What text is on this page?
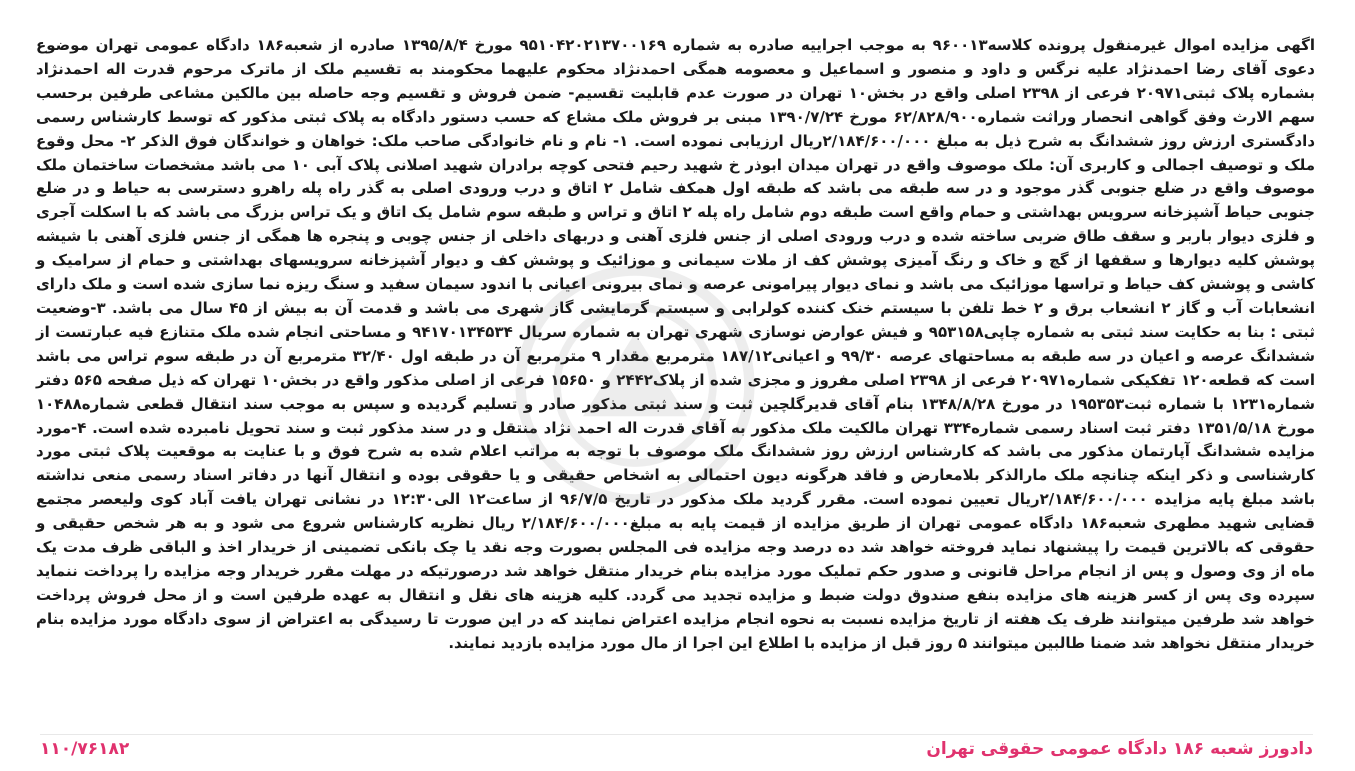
اگهی مزایده اموال غیرمنقول پرونده کلاسه۹۶۰۰۱۳ به موجب اجراییه صادره به شماره ۹۵۱۰۴۲۰۲۱۳۷۰۰۱۶۹ مورخ ۱۳۹۵/۸/۴ صادره از شعبه۱۸۶ دادگاه عمومی تهران موضوع دعوی آقای رضا احمدنژاد علیه نرگس و داود و منصور و اسماعیل و معصومه همگی احمدنژاد محکوم علیهما محکومند به تقسیم ملک از ماترک مرحوم قدرت اله احمدنژاد بشماره پلاک ثبتی۲۰۹۷۱ فرعی از ۲۳۹۸ اصلی واقع در بخش۱۰ تهران در صورت عدم قابلیت تقسیم- ضمن فروش و تقسیم وجه حاصله بین مالکین مشاعی طرفین برحسب سهم الارث وفق گواهی انحصار وراثت شماره۶۲/۸۲۸/۹۰۰ مورخ ۱۳۹۰/۷/۲۴ مبنی بر فروش ملک مشاع که حسب دستور دادگاه به پلاک ثبتی مذکور که توسط کارشناس رسمی دادگستری ارزش روز ششدانگ به شرح ذیل به مبلغ ۲/۱۸۴/۶۰۰/۰۰۰ریال ارزیابی نموده است. ۱- نام و نام خانوادگی صاحب ملک: خواهان و خواندگان فوق الذکر ۲- محل وقوع ملک و توصیف اجمالی و کاربری آن: ملک موصوف واقع در تهران میدان ابوذر خ شهید رحیم فتحی کوچه برادران شهید اصلانی پلاک آبی ۱۰ می باشد مشخصات ساختمان ملک موصوف واقع در ضلع جنوبی گذر موجود و در سه طبقه می باشد که طبقه اول همکف شامل ۲ اتاق و درب ورودی اصلی به گذر راه پله راهرو دسترسی به حیاط و در ضلع جنوبی حیاط آشپزخانه سرویس بهداشتی و حمام واقع است طبقه دوم شامل راه پله ۲ اتاق و تراس و طبقه سوم شامل یک اتاق و یک تراس بزرگ می باشد که با اسکلت آجری و فلزی دیوار باربر و سقف طاق ضربی ساخته شده و درب ورودی اصلی از جنس فلزی آهنی و دربهای داخلی از جنس چوبی و پنجره ها همگی از جنس فلزی آهنی با شیشه پوشش کلیه دیوارها و سقفها از گچ و خاک و رنگ آمیزی پوشش کف از ملات سیمانی و موزائیک و پوشش کف و دیوار آشپزخانه سرویسهای بهداشتی و حمام از سرامیک و کاشی و پوشش کف حیاط و تراسها موزائیک می باشد و نمای دیوار پیرامونی عرصه و نمای بیرونی اعیانی با اندود سیمان سفید و سنگ ریزه نما سازی شده است و ملک دارای انشعابات آب و گاز ۲ انشعاب برق و ۲ خط تلفن با سیستم خنک کننده کولرابی و سیستم گرمایشی گاز شهری می باشد و قدمت آن به بیش از ۴۵ سال می باشد. ۳-وضعیت ثبتی : بنا به حکایت سند ثبتی به شماره چاپی۹۵۳۱۵۸ و فیش عوارض نوسازی شهری تهران به شماره سریال ۹۴۱۷۰۱۳۴۵۳۴ و مساحتی انجام شده ملک متنازع فیه عبارتست از ششدانگ عرصه و اعیان در سه طبقه به مساحتهای عرصه ۹۹/۳۰ و اعیانی۱۸۷/۱۲ مترمربع مقدار ۹ مترمربع آن در طبقه اول ۳۲/۴۰ مترمربع آن در طبقه سوم تراس می باشد است که قطعه۱۲۰ تفکیکی شماره۲۰۹۷۱ فرعی از ۲۳۹۸ اصلی مفروز و مجزی شده از پلاک۲۴۴۲ و ۱۵۶۵۰ فرعی از اصلی مذکور واقع در بخش۱۰ تهران که ذیل صفحه ۵۶۵ دفتر شماره۱۲۳۱ با شماره ثبت۱۹۵۳۵۳ در مورخ ۱۳۴۸/۸/۲۸ بنام آقای قدیرگلچین ثبت و سند ثبتی مذکور صادر و تسلیم گردیده و سپس به موجب سند انتقال قطعی شماره۱۰۴۸۸ مورخ ۱۳۵۱/۵/۱۸ دفتر ثبت اسناد رسمی شماره۳۳۴ تهران مالکیت ملک مذکور به آقای قدرت اله احمد نژاد منتقل و در سند مذکور ثبت و سند تحویل نامبرده شده است. ۴-مورد مزایده ششدانگ آپارتمان مذکور می باشد که کارشناس ارزش روز ششدانگ ملک موصوف با توجه به مراتب اعلام شده به شرح فوق و با عنایت به موقعیت پلاک ثبتی مورد کارشناسی و ذکر اینکه چنانچه ملک مارالذکر بلامعارض و فاقد هرگونه دیون احتمالی به اشخاص حقیقی و یا حقوقی بوده و انتقال آنها در دفاتر اسناد رسمی منعی نداشته باشد مبلغ پایه مزایده ۲/۱۸۴/۶۰۰/۰۰۰ریال تعیین نموده است. مقرر گردید ملک مذکور در تاریخ ۹۶/۷/۵ از ساعت۱۲ الی۱۲:۳۰ در نشانی تهران یافت آباد کوی ولیعصر مجتمع قضایی شهید مطهری شعبه۱۸۶ دادگاه عمومی تهران از طریق مزایده از قیمت پایه به مبلغ۲/۱۸۴/۶۰۰/۰۰۰ ریال نظریه کارشناس شروع می شود و به هر شخص حقیقی و حقوقی که بالاترین قیمت را پیشنهاد نماید فروخته خواهد شد ده درصد وجه مزایده فی المجلس بصورت وجه نقد یا چک بانکی تضمینی از خریدار اخذ و الباقی ظرف مدت یک ماه از وی وصول و پس از انجام مراحل قانونی و صدور حکم تملیک مورد مزایده بنام خریدار منتقل خواهد شد درصورتیکه در مهلت مقرر خریدار وجه مزایده را پرداخت ننماید سپرده وی پس از کسر هزینه های مزایده بنفع صندوق دولت ضبط و مزایده تجدید می گردد. کلیه هزینه های نقل و انتقال به عهده طرفین است و از محل فروش پرداخت خواهد شد طرفین میتوانند ظرف یک هفته از تاریخ مزایده نسبت به نحوه انجام مزایده اعتراض نمایند که در این صورت تا رسیدگی به اعتراض از سوی دادگاه مورد مزایده بنام خریدار منتقل نخواهد شد ضمنا طالبین میتوانند ۵ روز قبل از مزایده با اطلاع این اجرا از مال مورد مزایده بازدید نمایند.

دادورز شعبه ۱۸۶ دادگاه عمومی حقوقی تهران
۱۱۰/۷۶۱۸۲
